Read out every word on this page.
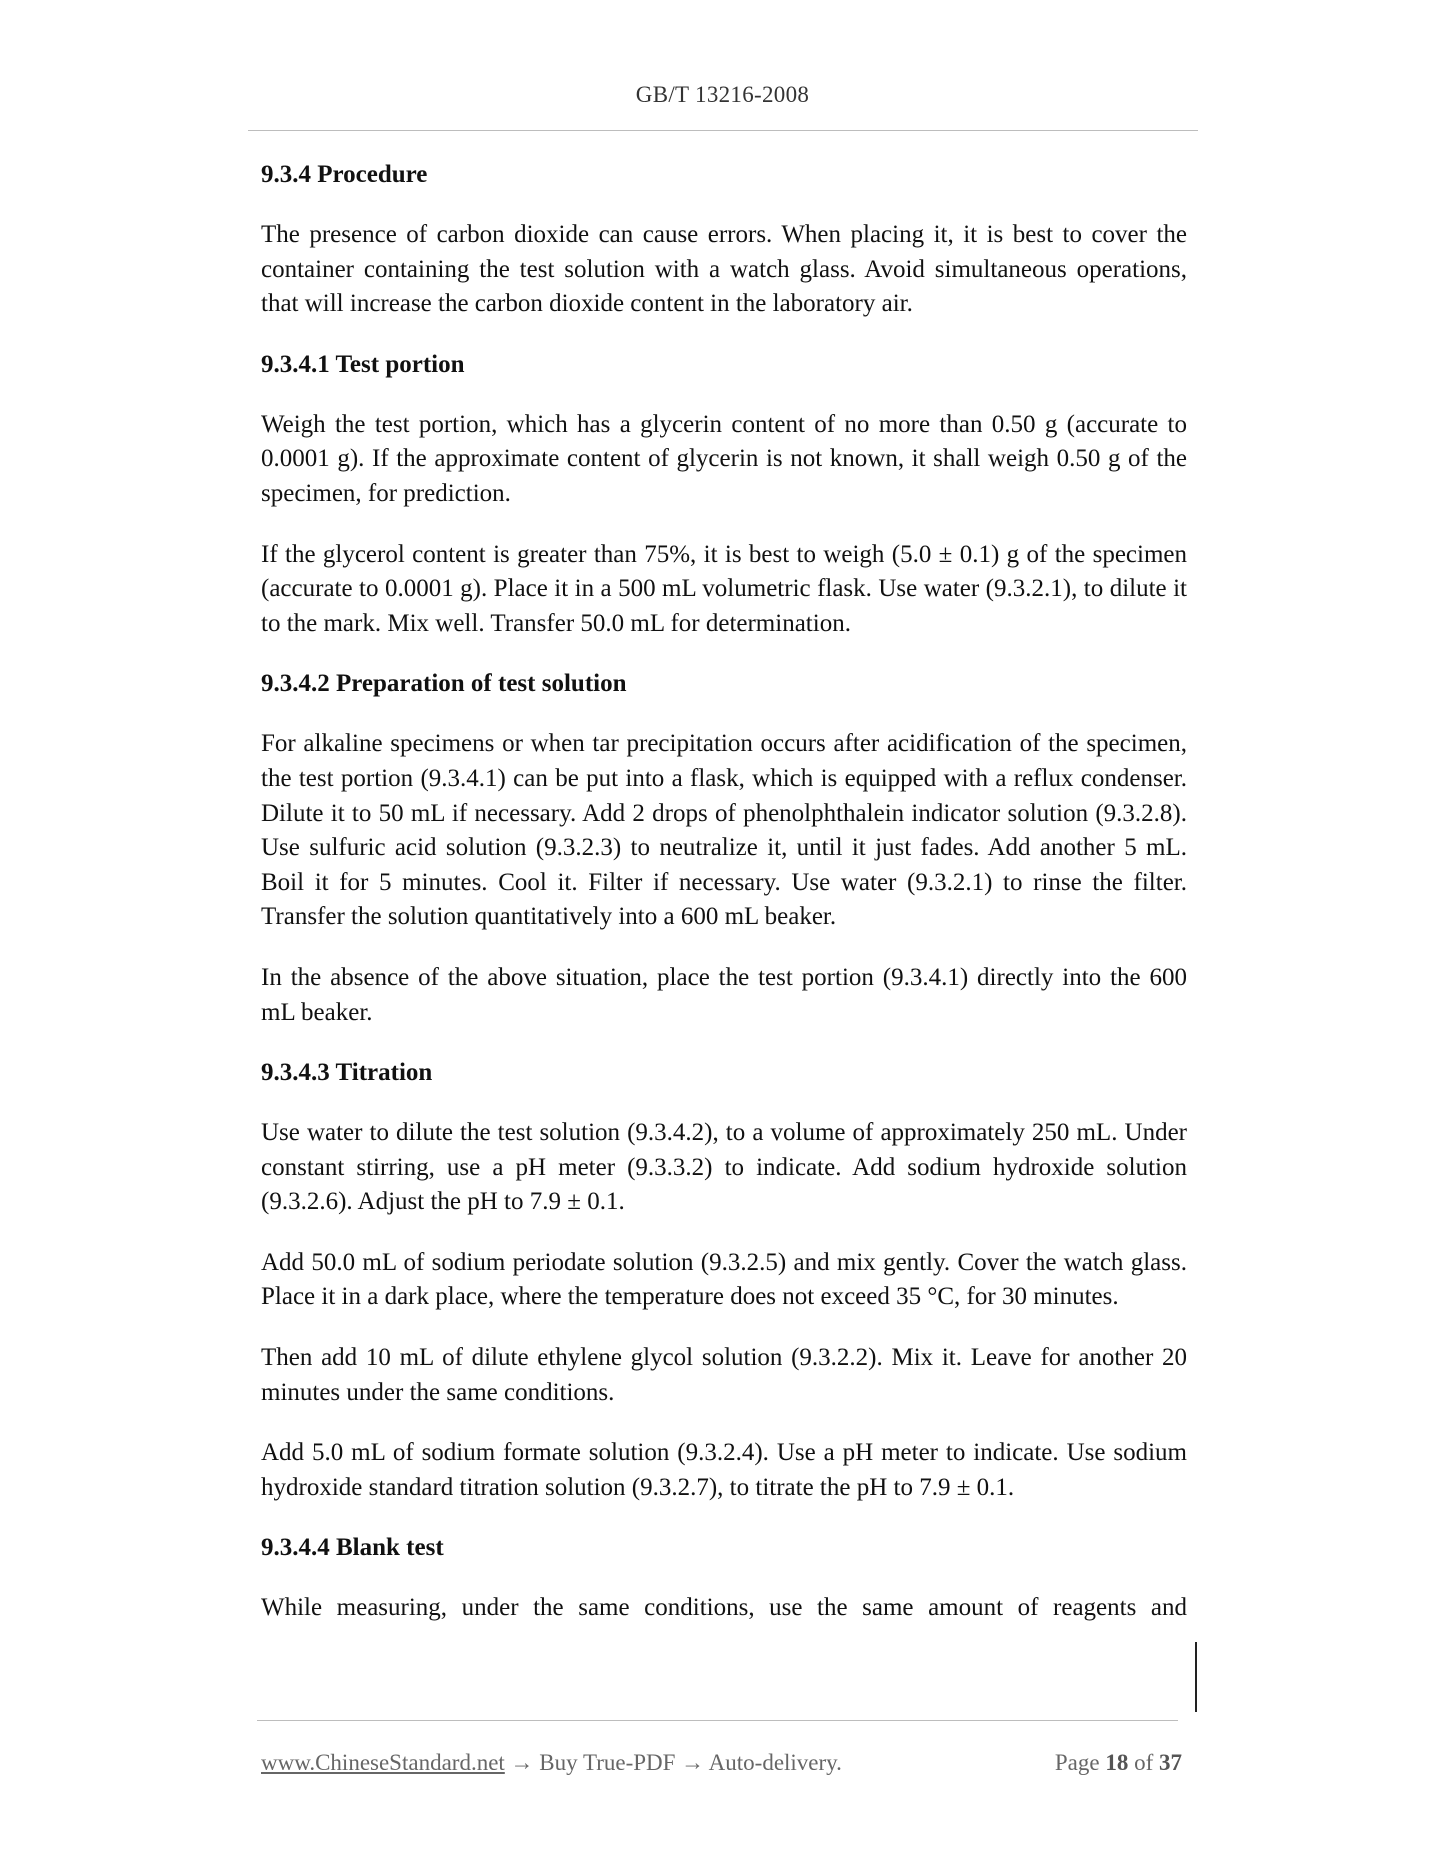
GB/T 13216-2008
9.3.4 Procedure

The presence of carbon dioxide can cause errors. When placing it, it is best to cover the container containing the test solution with a watch glass. Avoid simultaneous operations, that will increase the carbon dioxide content in the laboratory air.

9.3.4.1 Test portion

Weigh the test portion, which has a glycerin content of no more than 0.50 g (accurate to 0.0001 g). If the approximate content of glycerin is not known, it shall weigh 0.50 g of the specimen, for prediction.

If the glycerol content is greater than 75%, it is best to weigh (5.0 ± 0.1) g of the specimen (accurate to 0.0001 g). Place it in a 500 mL volumetric flask. Use water (9.3.2.1), to dilute it to the mark. Mix well. Transfer 50.0 mL for determination.

9.3.4.2 Preparation of test solution

For alkaline specimens or when tar precipitation occurs after acidification of the specimen, the test portion (9.3.4.1) can be put into a flask, which is equipped with a reflux condenser. Dilute it to 50 mL if necessary. Add 2 drops of phenolphthalein indicator solution (9.3.2.8). Use sulfuric acid solution (9.3.2.3) to neutralize it, until it just fades. Add another 5 mL. Boil it for 5 minutes. Cool it. Filter if necessary. Use water (9.3.2.1) to rinse the filter. Transfer the solution quantitatively into a 600 mL beaker.

In the absence of the above situation, place the test portion (9.3.4.1) directly into the 600 mL beaker.

9.3.4.3 Titration

Use water to dilute the test solution (9.3.4.2), to a volume of approximately 250 mL. Under constant stirring, use a pH meter (9.3.3.2) to indicate. Add sodium hydroxide solution (9.3.2.6). Adjust the pH to 7.9 ± 0.1.

Add 50.0 mL of sodium periodate solution (9.3.2.5) and mix gently. Cover the watch glass. Place it in a dark place, where the temperature does not exceed 35 °C, for 30 minutes.

Then add 10 mL of dilute ethylene glycol solution (9.3.2.2). Mix it. Leave for another 20 minutes under the same conditions.

Add 5.0 mL of sodium formate solution (9.3.2.4). Use a pH meter to indicate. Use sodium hydroxide standard titration solution (9.3.2.7), to titrate the pH to 7.9 ± 0.1.

9.3.4.4 Blank test

While measuring, under the same conditions, use the same amount of reagents and

www.ChineseStandard.net → Buy True-PDF → Auto-delivery.	Page 18 of 37
